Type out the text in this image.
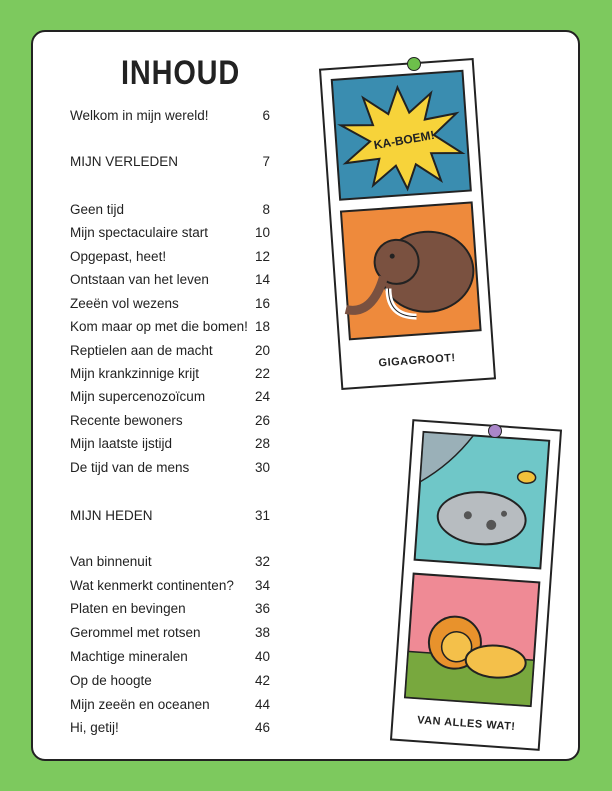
INHOUD
Welkom in mijn wereld!	6
MIJN VERLEDEN	7
Geen tijd	8
Mijn spectaculaire start	10
Opgepast, heet!	12
Ontstaan van het leven	14
Zeeën vol wezens	16
Kom maar op met die bomen! 18
Reptielen aan de macht	20
Mijn krankzinnige krijt	22
Mijn supercenozoïcum	24
Recente bewoners	26
Mijn laatste ijstijd	28
De tijd van de mens	30
MIJN HEDEN	31
Van binnenuit	32
Wat kenmerkt continenten? 34
Platen en bevingen	36
Gerommel met rotsen	38
Machtige mineralen	40
Op de hoogte	42
Mijn zeeën en oceanen	44
Hi, getij!	46
KA-BOEM!
GIGAGROOT!
VAN ALLES WAT!
